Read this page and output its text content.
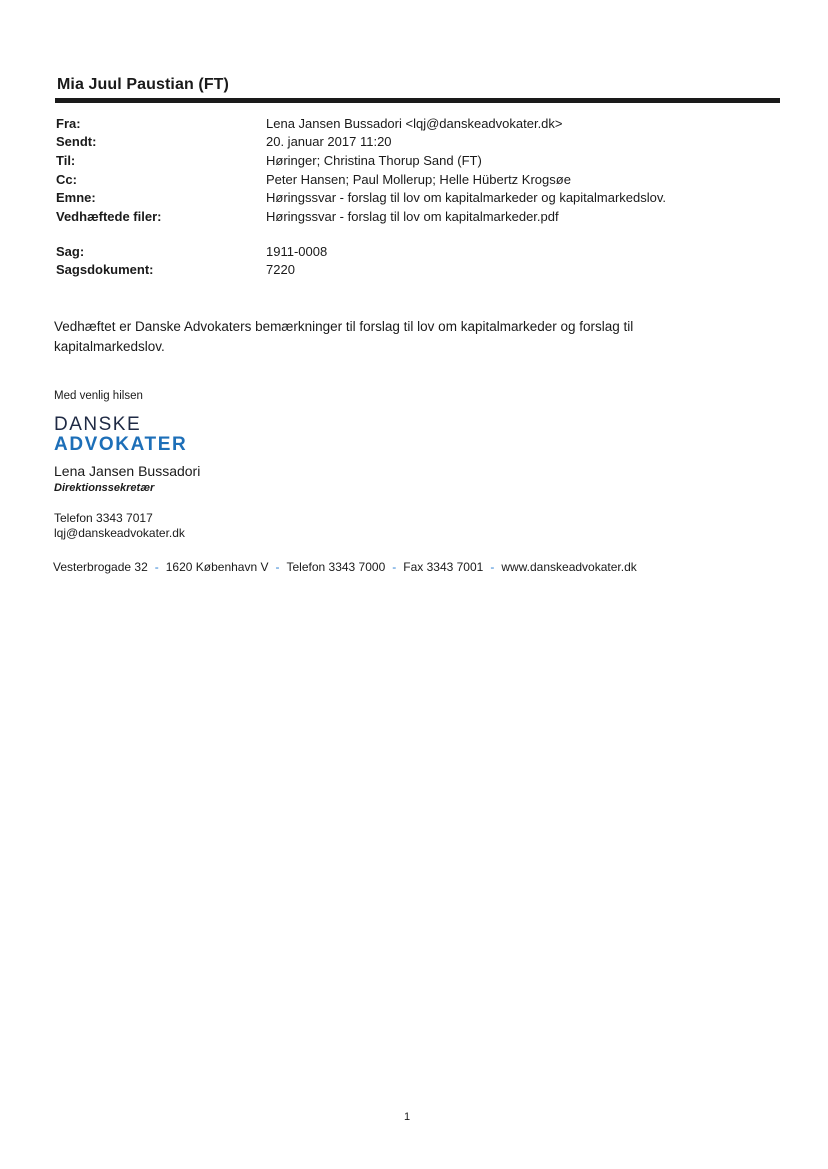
Mia Juul Paustian (FT)
Fra:	Lena Jansen Bussadori <lqj@danskeadvokater.dk>
Sendt:	20. januar 2017 11:20
Til:	Høringer; Christina Thorup Sand (FT)
Cc:	Peter Hansen; Paul Mollerup; Helle Hübertz Krogsøe
Emne:	Høringssvar - forslag til lov om kapitalmarkeder og kapitalmarkedslov.
Vedhæftede filer:	Høringssvar - forslag til lov om kapitalmarkeder.pdf
Sag:	1911-0008
Sagsdokument:	7220
Vedhæftet er Danske Advokaters bemærkninger til forslag til lov om kapitalmarkeder og forslag til kapitalmarkedslov.
Med venlig hilsen
DANSKE
ADVOKATER
Lena Jansen Bussadori
Direktionssekretær
Telefon 3343 7017
lqj@danskeadvokater.dk
Vesterbrogade 32 - 1620 København V - Telefon 3343 7000 - Fax 3343 7001 - www.danskeadvokater.dk
1
